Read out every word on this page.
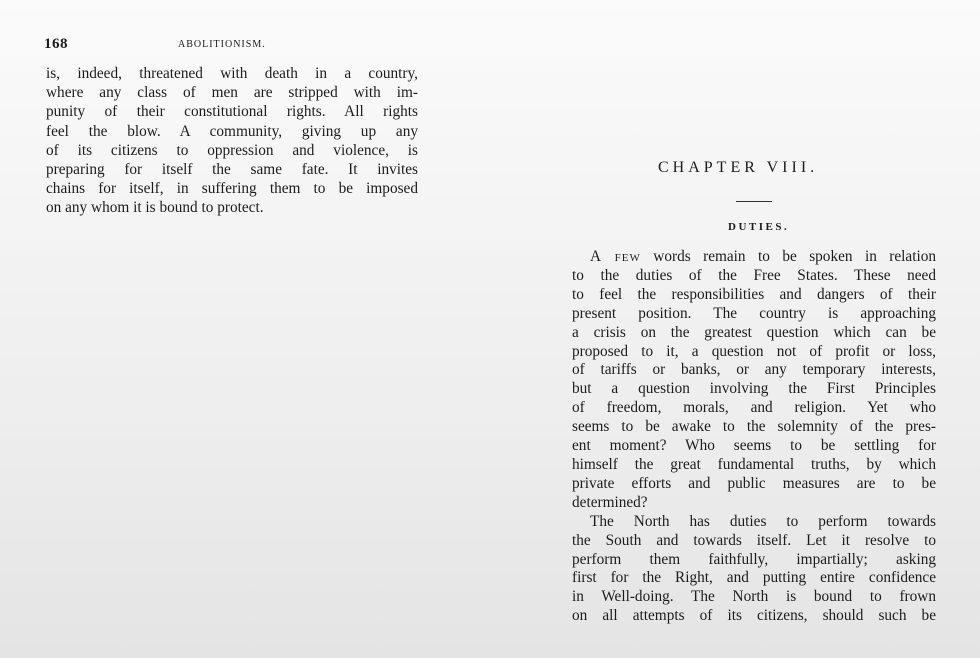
168	ABOLITIONISM.

is, indeed, threatened with death in a country,
where any class of men are stripped with im-
punity of their constitutional rights. All rights
feel the blow. A community, giving up any
of its citizens to oppression and violence, is
preparing for itself the same fate. It invites
chains for itself, in suffering them to be imposed
on any whom it is bound to protect.

CHAPTER VIII.
DUTIES.

A few words remain to be spoken in relation
to the duties of the Free States. These need
to feel the responsibilities and dangers of their
present position. The country is approaching
a crisis on the greatest question which can be
proposed to it, a question not of profit or loss,
of tariffs or banks, or any temporary interests,
but a question involving the First Principles
of freedom, morals, and religion. Yet who
seems to be awake to the solemnity of the pres-
ent moment? Who seems to be settling for
himself the great fundamental truths, by which
private efforts and public measures are to be
determined?
The North has duties to perform towards
the South and towards itself. Let it resolve to
perform them faithfully, impartially; asking
first for the Right, and putting entire confidence
in Well-doing. The North is bound to frown
on all attempts of its citizens, should such be
